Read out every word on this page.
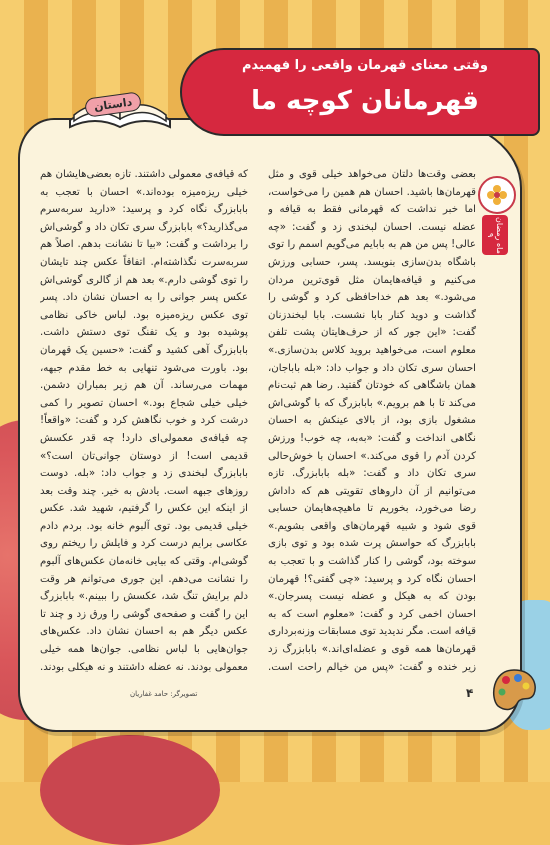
وقتی معنای قهرمان واقعی را فهمیدم
قهرمانان کوچه ما
داستان
ماه رمضان ۹

بعضی وقت‌ها دلتان می‌خواهد خیلی قوی و مثل قهرمان‌ها باشید. احسان هم همین را می‌خواست، اما خبر نداشت که قهرمانی فقط به قیافه و عضله نیست. احسان لبخندی زد و گفت: «چه عالی! پس من هم به بابایم می‌گویم اسمم را توی باشگاه بدن‌سازی بنویسد. پسر، حسابی ورزش می‌کنیم و قیافه‌هایمان مثل قوی‌ترین مردان می‌شود.» بعد هم خداحافظی کرد و گوشی را گذاشت و دوید کنار بابا نشست. بابا لبخندزنان گفت: «این جور که از حرف‌هایتان پشت تلفن معلوم است، می‌خواهید بروید کلاس بدن‌سازی.» احسان سری تکان داد و جواب داد: «بله باباجان، همان باشگاهی که خودتان گفتید. رضا هم ثبت‌نام می‌کند تا با هم برویم.» بابابزرگ که با گوشی‌اش مشغول بازی بود، از بالای عینکش به احسان نگاهی انداخت و گفت: «به‌به، چه خوب! ورزش کردن آدم را قوی می‌کند.» احسان با خوش‌حالی سری تکان داد و گفت: «بله بابابزرگ. تازه می‌توانیم از آن داروهای تقویتی هم که داداش رضا می‌خورد، بخوریم تا ماهیچه‌هایمان حسابی قوی شود و شبیه قهرمان‌های واقعی بشویم.» بابابزرگ که حواسش پرت شده بود و توی بازی سوخته بود، گوشی را کنار گذاشت و با تعجب به احسان نگاه کرد و پرسید: «چی گفتی؟! قهرمان بودن که به هیکل و عضله نیست پسرجان.» احسان اخمی کرد و گفت: «معلوم است که به قیافه است. مگر ندیدید توی مسابقات وزنه‌برداری قهرمان‌ها همه قوی و عضله‌ای‌اند.» بابابزرگ زد زیر خنده و گفت: «پس من خیالم راحت است.

که قیافه‌ی معمولی داشتند. تازه بعضی‌هایشان هم خیلی ریزه‌میزه بوده‌اند.» احسان با تعجب به بابابزرگ نگاه کرد و پرسید: «دارید سربه‌سرم می‌گذارید؟» بابابزرگ سری تکان داد و گوشی‌اش را برداشت و گفت: «بیا تا نشانت بدهم. اصلاً هم سربه‌سرت نگذاشته‌ام. اتفاقاً عکس چند تایشان را توی گوشی دارم.» بعد هم از گالری گوشی‌اش عکس پسر جوانی را به احسان نشان داد. پسر توی عکس ریزه‌میزه بود. لباس خاکی نظامی پوشیده بود و یک تفنگ توی دستش داشت. بابابزرگ آهی کشید و گفت: «حسین یک قهرمان بود. باورت می‌شود تنهایی به خط مقدم جبهه، مهمات می‌رساند. آن هم زیر بمباران دشمن. خیلی خیلی شجاع بود.» احسان تصویر را کمی درشت کرد و خوب نگاهش کرد و گفت: «واقعاً! چه قیافه‌ی معمولی‌ای دارد! چه قدر عکسش قدیمی است! از دوستان جوانی‌تان است؟» بابابزرگ لبخندی زد و جواب داد: «بله. دوست روزهای جبهه است. یادش به خیر. چند وقت بعد از اینکه این عکس را گرفتیم، شهید شد. عکس خیلی قدیمی بود. توی آلبوم خانه بود. بردم دادم عکاسی برایم درست کرد و فایلش را ریختم روی گوشی‌ام. وقتی که بیایی خانه‌مان عکس‌های آلبوم را نشانت می‌دهم. این جوری می‌توانم هر وقت دلم برایش تنگ شد، عکسش را ببینم.» بابابزرگ این را گفت و صفحه‌ی گوشی را ورق زد و چند تا عکس دیگر هم به احسان نشان داد. عکس‌های جوان‌هایی با لباس نظامی. جوان‌ها همه خیلی معمولی بودند. نه عضله داشتند و نه هیکلی بودند.

تصویرگر: حامد غفاریان	۴
